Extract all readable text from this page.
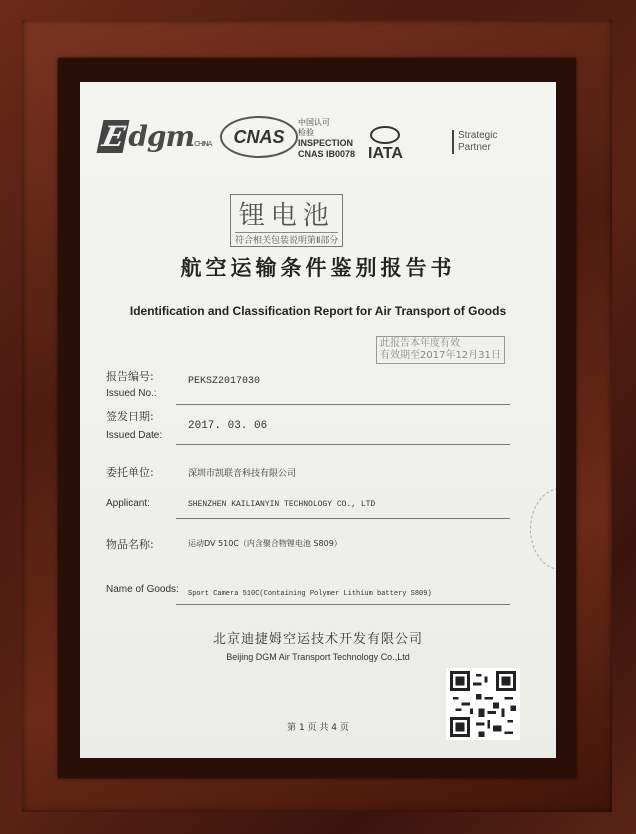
EdgmCHINA	CNAS
中国认可
检验
INSPECTION
CNAS IB0078 IATA
Strategic
Partner
锂电池
符合相关包装说明第Ⅱ部分
航空运输条件鉴别报告书
Identification and Classification Report for Air Transport of Goods
此报告本年度有效
有效期至2017年12月31日
报告编号:
Issued No.:
PEKSZ2017030
签发日期:
Issued Date:
2017. 03. 06
委托单位:	深圳市凯联音科技有限公司
Applicant:	SHENZHEN KAILIANYIN TECHNOLOGY CO., LTD
物品名称:	运动DV 510C（内含聚合物锂电池 S809）
Name of Goods: Sport Camera 510C(Containing Polymer Lithium battery S809)
北京迪捷姆空运技术开发有限公司
Beijing DGM Air Transport Technology Co.,Ltd
第 1 页 共 4 页
